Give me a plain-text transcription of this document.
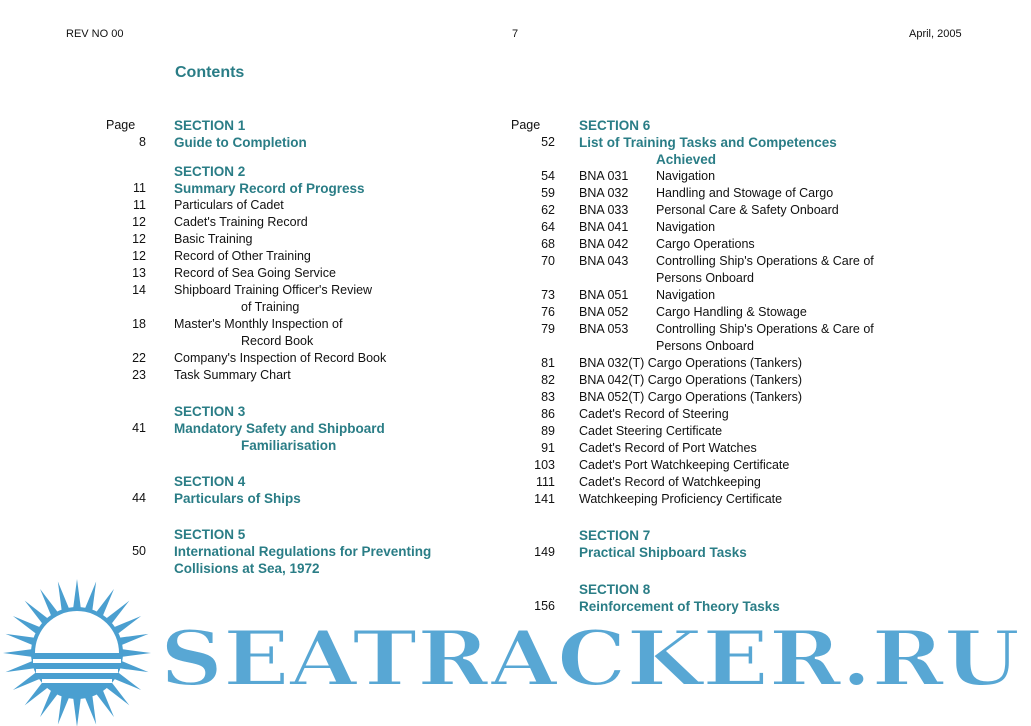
REV NO 00	7	April, 2005
Contents
Page	SECTION 1
8 Guide to Completion
SECTION 2
11 Summary Record of Progress
11 Particulars of Cadet
12 Cadet's Training Record
12 Basic Training
12 Record of Other Training
13 Record of Sea Going Service
14 Shipboard Training Officer's Review
of Training
18 Master's Monthly Inspection of
Record Book
22 Company's Inspection of Record Book
23 Task Summary Chart
SECTION 3
41 Mandatory Safety and Shipboard
Familiarisation
SECTION 4
44 Particulars of Ships
SECTION 5
50 International Regulations for Preventing
Collisions at Sea, 1972
Page	SECTION 6
52 List of Training Tasks and Competences
Achieved
54 BNA 031 Navigation
59 BNA 032 Handling and Stowage of Cargo
62 BNA 033 Personal Care & Safety Onboard
64 BNA 041 Navigation
68 BNA 042 Cargo Operations
70 BNA 043 Controlling Ship's Operations & Care of
Persons Onboard
73 BNA 051 Navigation
76 BNA 052 Cargo Handling & Stowage
79 BNA 053 Controlling Ship's Operations & Care of
Persons Onboard
81 BNA 032(T) Cargo Operations (Tankers)
82 BNA 042(T) Cargo Operations (Tankers)
83 BNA 052(T) Cargo Operations (Tankers)
86 Cadet's Record of Steering
89 Cadet Steering Certificate
91 Cadet's Record of Port Watches
103 Cadet's Port Watchkeeping Certificate
111 Cadet's Record of Watchkeeping
141 Watchkeeping Proficiency Certificate
SECTION 7
149 Practical Shipboard Tasks
SECTION 8
156 Reinforcement of Theory Tasks
SEATRACKER.RU
